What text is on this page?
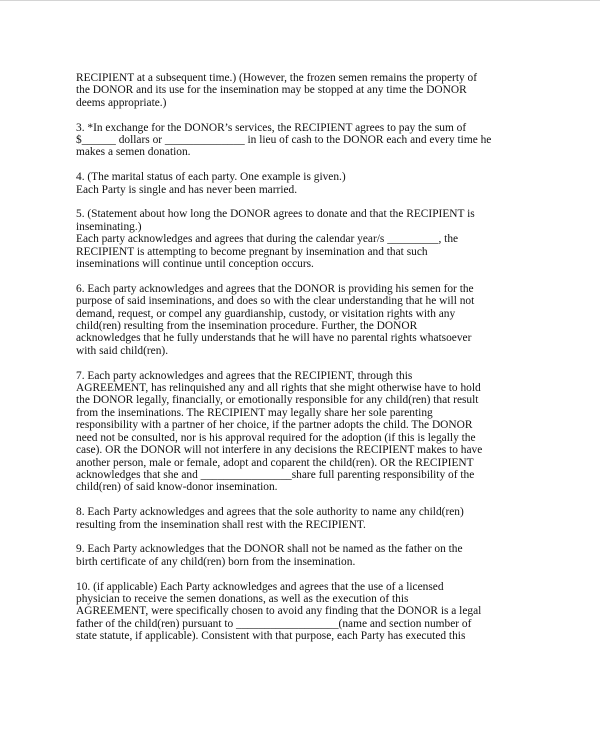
RECIPIENT at a subsequent time.) (However, the frozen semen remains the property of
the DONOR and its use for the insemination may be stopped at any time the DONOR
deems appropriate.)

3. *In exchange for the DONOR’s services, the RECIPIENT agrees to pay the sum of
$______ dollars or ______________ in lieu of cash to the DONOR each and every time he
makes a semen donation.

4. (The marital status of each party. One example is given.)
Each Party is single and has never been married.

5. (Statement about how long the DONOR agrees to donate and that the RECIPIENT is
inseminating.)
Each party acknowledges and agrees that during the calendar year/s _________, the
RECIPIENT is attempting to become pregnant by insemination and that such
inseminations will continue until conception occurs.

6. Each party acknowledges and agrees that the DONOR is providing his semen for the
purpose of said inseminations, and does so with the clear understanding that he will not
demand, request, or compel any guardianship, custody, or visitation rights with any
child(ren) resulting from the insemination procedure. Further, the DONOR
acknowledges that he fully understands that he will have no parental rights whatsoever
with said child(ren).

7. Each party acknowledges and agrees that the RECIPIENT, through this
AGREEMENT, has relinquished any and all rights that she might otherwise have to hold
the DONOR legally, financially, or emotionally responsible for any child(ren) that result
from the inseminations. The RECIPIENT may legally share her sole parenting
responsibility with a partner of her choice, if the partner adopts the child. The DONOR
need not be consulted, nor is his approval required for the adoption (if this is legally the
case). OR the DONOR will not interfere in any decisions the RECIPIENT makes to have
another person, male or female, adopt and coparent the child(ren). OR the RECIPIENT
acknowledges that she and ________________share full parenting responsibility of the
child(ren) of said know-donor insemination.

8. Each Party acknowledges and agrees that the sole authority to name any child(ren)
resulting from the insemination shall rest with the RECIPIENT.

9. Each Party acknowledges that the DONOR shall not be named as the father on the
birth certificate of any child(ren) born from the insemination.

10. (if applicable) Each Party acknowledges and agrees that the use of a licensed
physician to receive the semen donations, as well as the execution of this
AGREEMENT, were specifically chosen to avoid any finding that the DONOR is a legal
father of the child(ren) pursuant to __________________(name and section number of
state statute, if applicable). Consistent with that purpose, each Party has executed this
